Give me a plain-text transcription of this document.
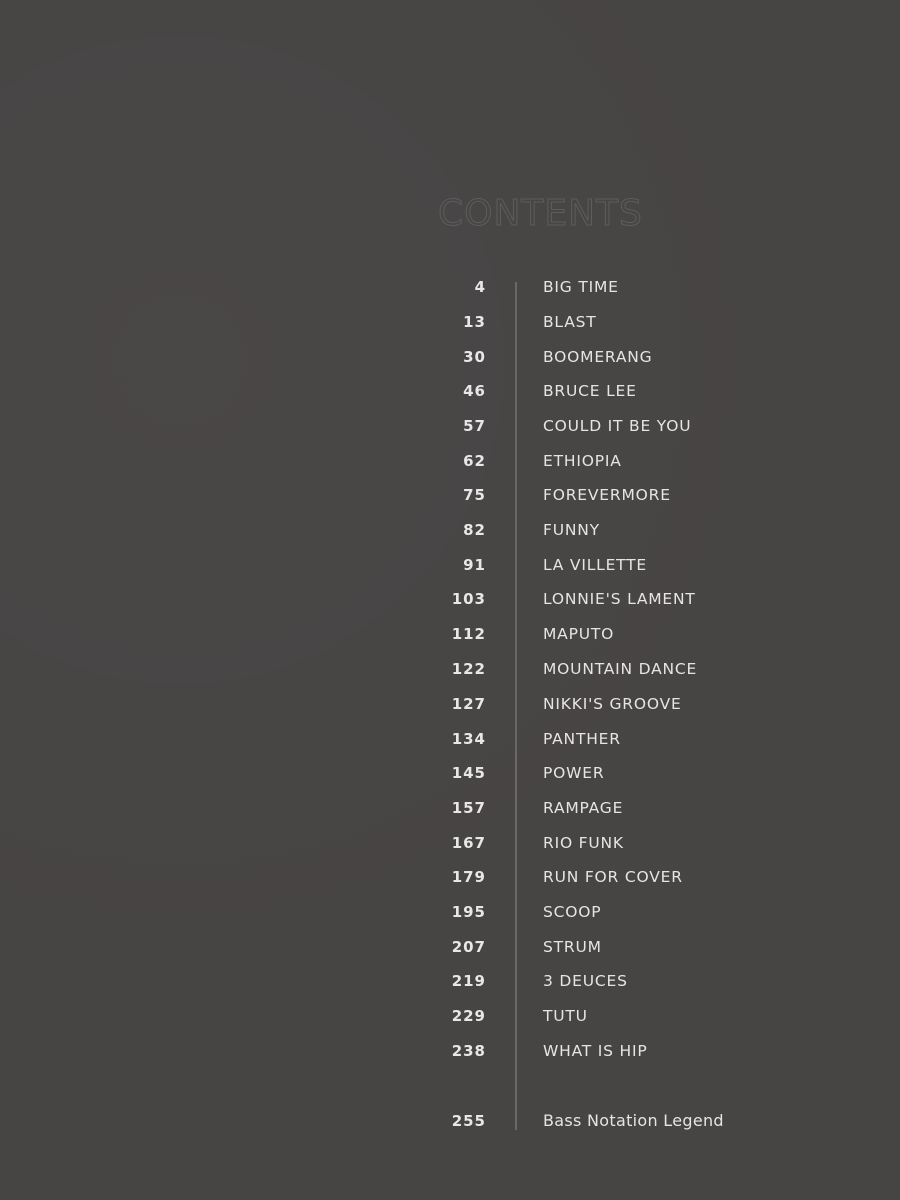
CONTENTS
4	BIG TIME
13	BLAST
30	BOOMERANG
46	BRUCE LEE
57	COULD IT BE YOU
62	ETHIOPIA
75	FOREVERMORE
82	FUNNY
91	LA VILLETTE
103	LONNIE'S LAMENT
112	MAPUTO
122	MOUNTAIN DANCE
127	NIKKI'S GROOVE
134	PANTHER
145	POWER
157	RAMPAGE
167	RIO FUNK
179	RUN FOR COVER
195	SCOOP
207	STRUM
219	3 DEUCES
229	TUTU
238	WHAT IS HIP
255	Bass Notation Legend
